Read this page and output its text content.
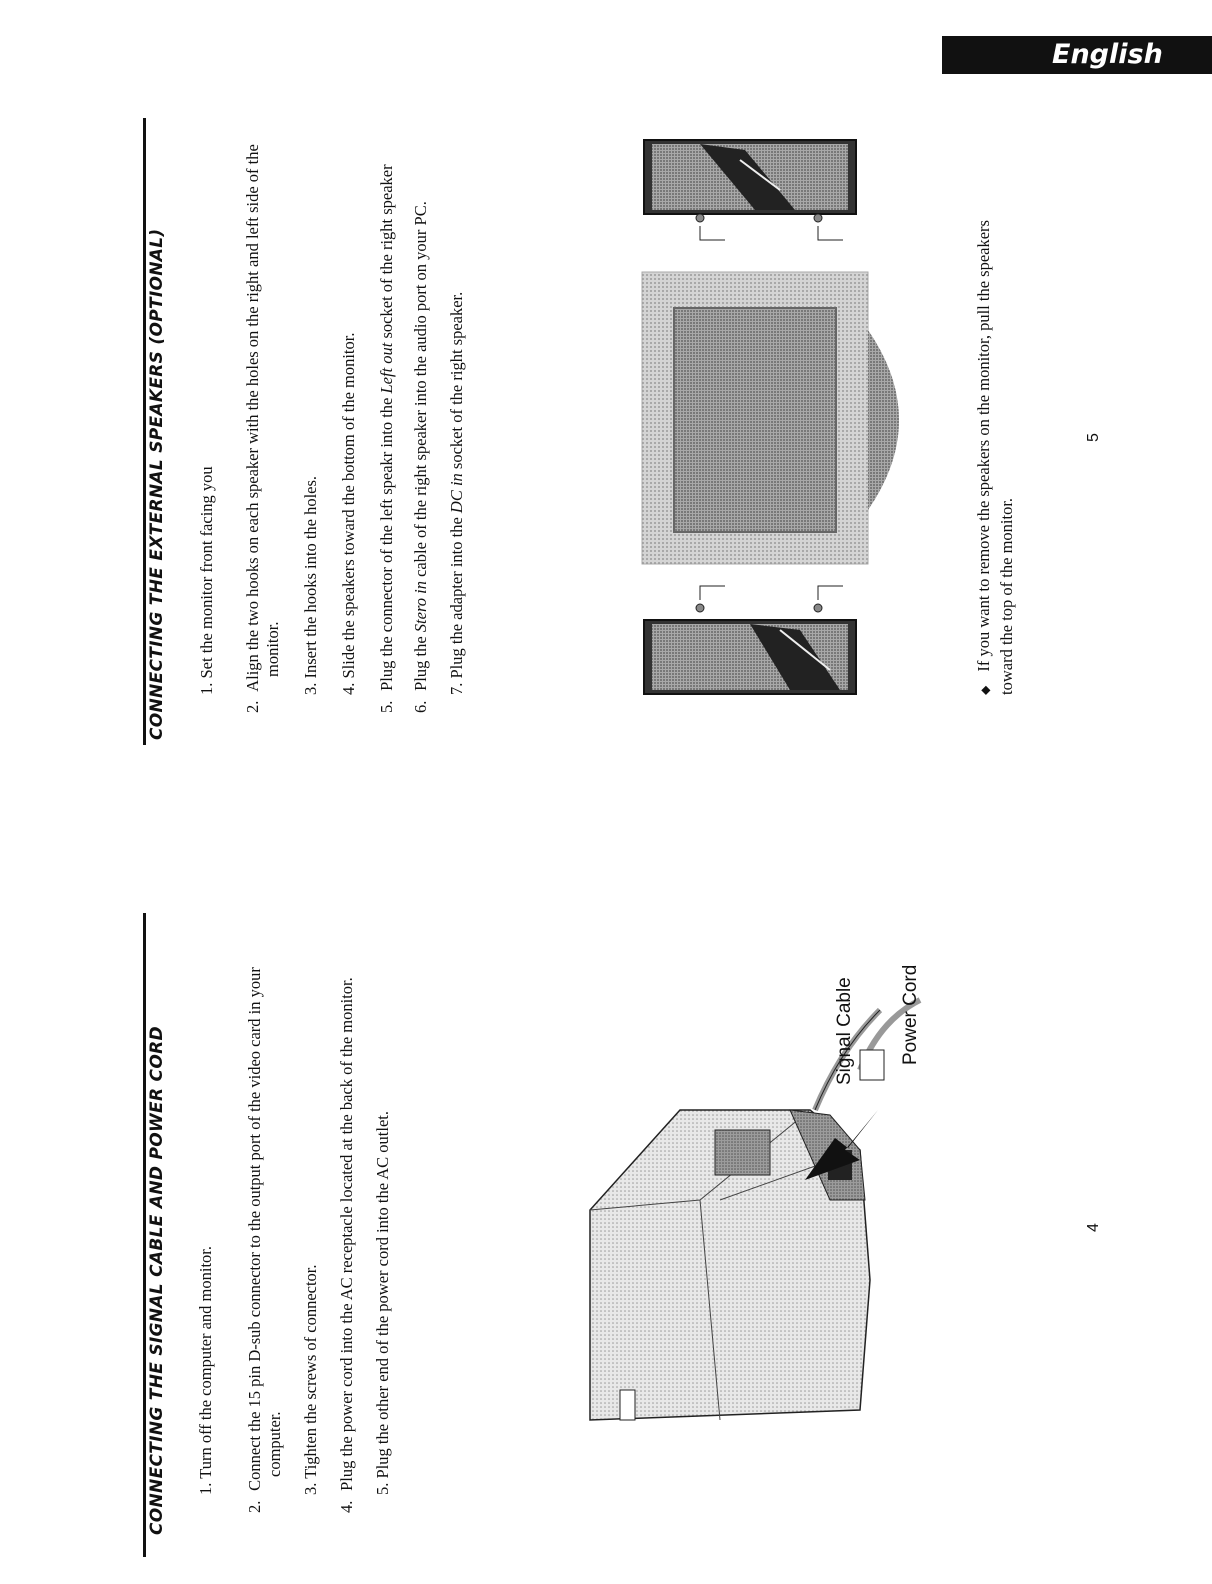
English
CONNECTING THE SIGNAL CABLE AND POWER CORD 1. Turn off the computer and monitor.
2. Connect the 15 pin D-sub connector to the output port of the video card in your computer.
3. Tighten the screws of connector.
4. Plug the power cord into the AC receptacle located at the back of the monitor. 5. Plug the other end of the power cord into the AC outlet.
Signal Cable Power Cord
4
CONNECTING THE EXTERNAL SPEAKERS (OPTIONAL) 1. Set the monitor front facing you
2. Align the two hooks on each speaker with the holes on the right and left side of the monitor.
3. Insert the hooks into the holes.
4. Slide the speakers toward the bottom of the monitor.
5. Plug the connector of the left speakr into the Left out socket of the right speaker
6. Plug the Stero in cable of the right speaker into the audio port on your PC.
7. Plug the adapter into the DC in socket of the right speaker.
◆ If you want to remove the speakers on the monitor, pull the speakers toward the top of the monitor.
5
